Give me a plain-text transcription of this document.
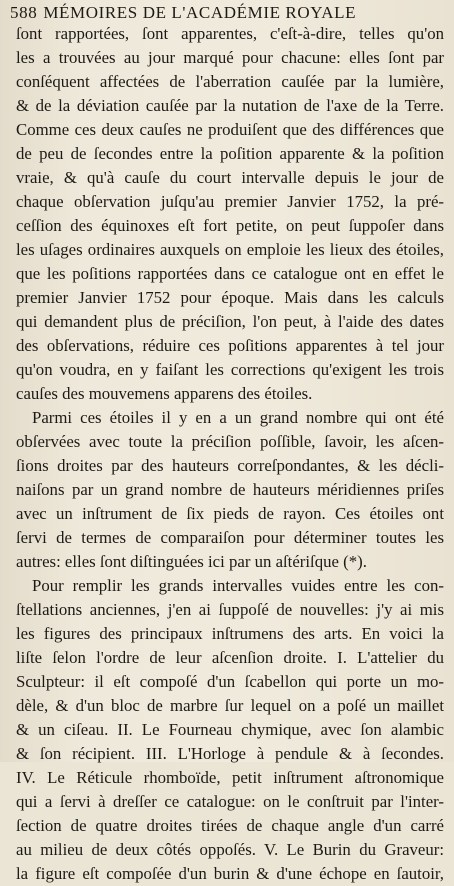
588 MÉMOIRES DE L'ACADÉMIE ROYALE
ſont rapportées, ſont apparentes, c'eſt-à-dire, telles qu'on
les a trouvées au jour marqué pour chacune: elles ſont par
conſéquent affectées de l'aberration cauſée par la lumière,
& de la déviation cauſée par la nutation de l'axe de la Terre.
Comme ces deux cauſes ne produiſent que des différences que
de peu de ſecondes entre la poſition apparente & la poſition
vraie, & qu'à cauſe du court intervalle depuis le jour de
chaque obſervation juſqu'au premier Janvier 1752, la pré-
ceſſion des équinoxes eſt fort petite, on peut ſuppoſer dans
les uſages ordinaires auxquels on emploie les lieux des étoiles,
que les poſitions rapportées dans ce catalogue ont en effet le
premier Janvier 1752 pour époque. Mais dans les calculs
qui demandent plus de préciſion, l'on peut, à l'aide des dates
des obſervations, réduire ces poſitions apparentes à tel jour
qu'on voudra, en y faiſant les corrections qu'exigent les trois
cauſes des mouvemens apparens des étoiles.
Parmi ces étoiles il y en a un grand nombre qui ont été
obſervées avec toute la préciſion poſſible, ſavoir, les aſcen-
ſions droites par des hauteurs correſpondantes, & les décli-
naiſons par un grand nombre de hauteurs méridiennes priſes
avec un inſtrument de ſix pieds de rayon. Ces étoiles ont
ſervi de termes de comparaiſon pour déterminer toutes les
autres: elles ſont diſtinguées ici par un aſtériſque (*).
Pour remplir les grands intervalles vuides entre les con-
ſtellations anciennes, j'en ai ſuppoſé de nouvelles: j'y ai mis
les figures des principaux inſtrumens des arts. En voici la
liſte ſelon l'ordre de leur aſcenſion droite. I. L'attelier du
Sculpteur: il eſt compoſé d'un ſcabellon qui porte un mo-
dèle, & d'un bloc de marbre ſur lequel on a poſé un maillet
& un ciſeau. II. Le Fourneau chymique, avec ſon alambic
& ſon récipient. III. L'Horloge à pendule & à ſecondes.
IV. Le Réticule rhomboïde, petit inſtrument aſtronomique
qui a ſervi à dreſſer ce catalogue: on le conſtruit par l'inter-
ſection de quatre droites tirées de chaque angle d'un carré
au milieu de deux côtés oppoſés. V. Le Burin du Graveur:
la figure eſt compoſée d'un burin & d'une échope en ſautoir,
